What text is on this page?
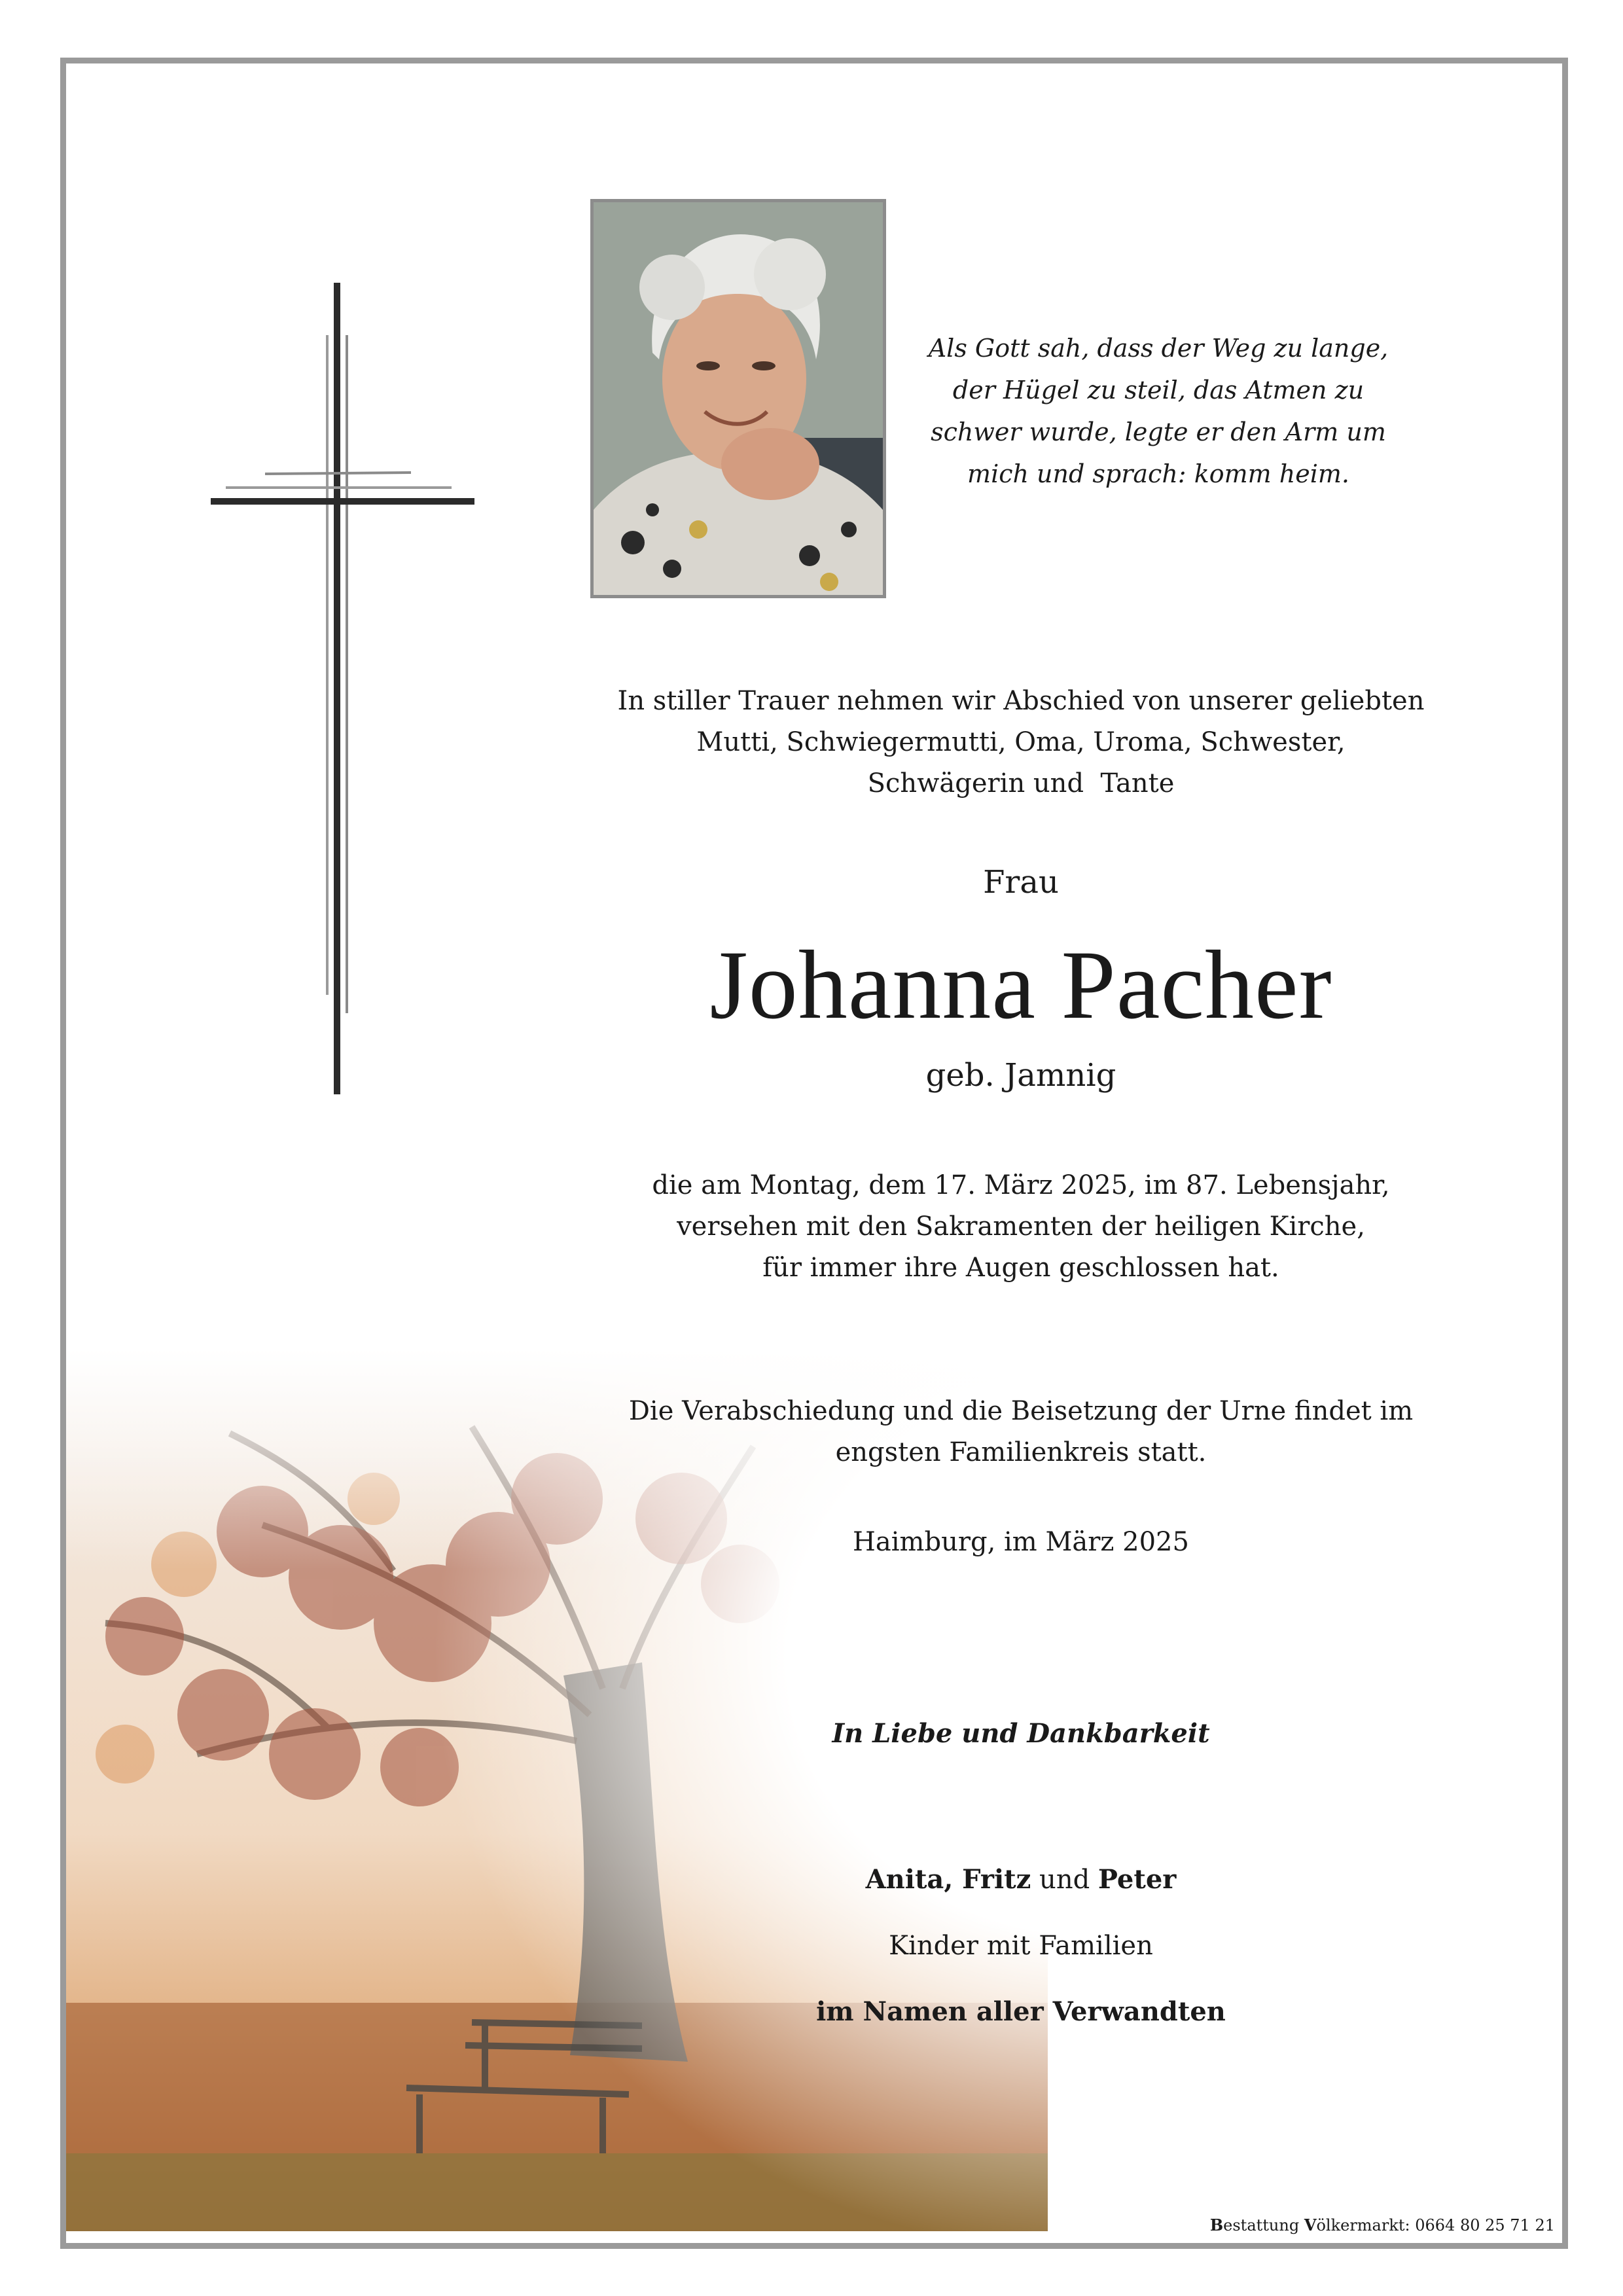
Als Gott sah, dass der Weg zu lange,
der Hügel zu steil, das Atmen zu
schwer wurde, legte er den Arm um
mich und sprach: komm heim.
In stiller Trauer nehmen wir Abschied von unserer geliebten
Mutti, Schwiegermutti, Oma, Uroma, Schwester,
Schwägerin und  Tante
Frau
Johanna Pacher
geb. Jamnig
die am Montag, dem 17. März 2025, im 87. Lebensjahr,
versehen mit den Sakramenten der heiligen Kirche,
für immer ihre Augen geschlossen hat.
Die Verabschiedung und die Beisetzung der Urne findet im
engsten Familienkreis statt.
Haimburg, im März 2025
In Liebe und Dankbarkeit
Anita, Fritz und Peter
Kinder mit Familien
im Namen aller Verwandten
Bestattung Völkermarkt: 0664 80 25 71 21
